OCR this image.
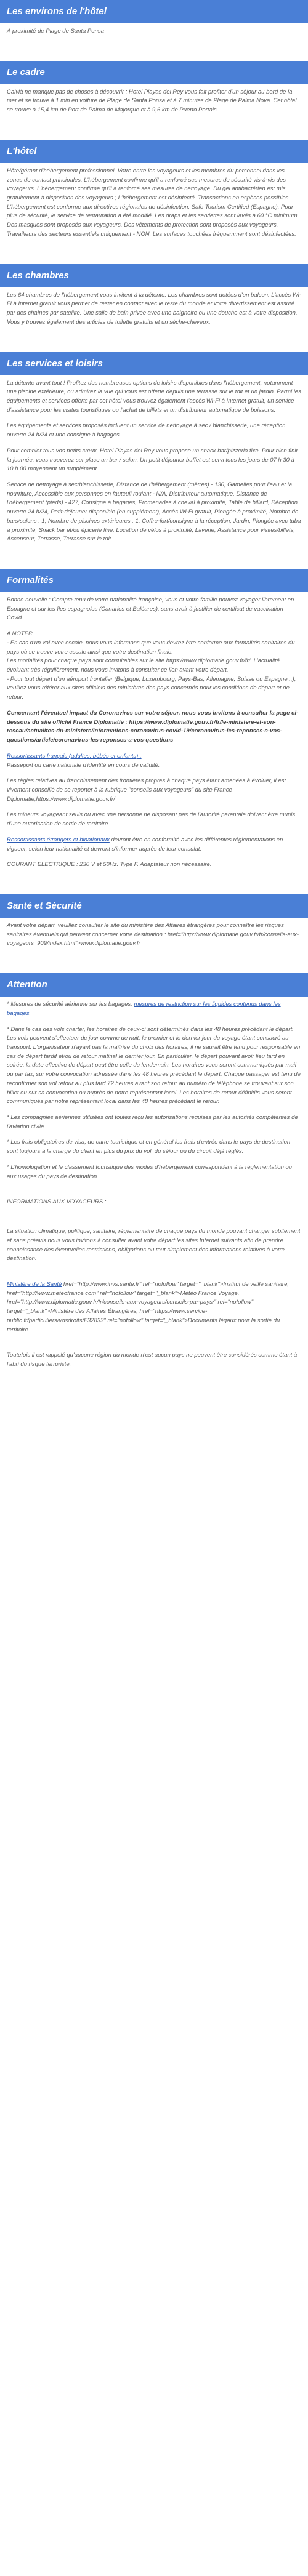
Les environs de l'hôtel

À proximité de Plage de Santa Ponsa

Le cadre

Calvià ne manque pas de choses à découvrir ; Hotel Playas del Rey vous fait profiter d'un séjour au bord de la mer et se trouve à 1 min en voiture de Plage de Santa Ponsa et à 7 minutes de Plage de Palma Nova. Cet hôtel se trouve à 15,4 km de Port de Palma de Majorque et à 9,6 km de Puerto Portals.

L'hôtel

Hôte/gérant d'hébergement professionnel. Votre entre les voyageurs et les membres du personnel dans les zones de contact principales. L'hébergement confirme qu'il a renforcé ses mesures de sécurité vis-à-vis des voyageurs. L'hébergement confirme qu'il a renforcé ses mesures de nettoyage. Du gel antibactérien est mis gratuitement à disposition des voyageurs ; L'hébergement est désinfecté. Transactions en espèces possibles. L'hébergement est conforme aux directives régionales de désinfection. Safe Tourism Certified (Espagne). Pour plus de sécurité, le service de restauration a été modifié. Les draps et les serviettes sont lavés à 60 °C minimum.. Des masques sont proposés aux voyageurs. Des vêtements de protection sont proposés aux voyageurs. Travailleurs des secteurs essentiels uniquement - NON. Les surfaces touchées fréquemment sont désinfectées.

Les chambres

Les 64 chambres de l'hébergement vous invitent à la détente. Les chambres sont dotées d'un balcon. L'accès Wi-Fi à Internet gratuit vous permet de rester en contact avec le reste du monde et votre divertissement est assuré par des chaînes par satellite. Une salle de bain privée avec une baignoire ou une douche est à votre disposition. Vous y trouvez également des articles de toilette gratuits et un sèche-cheveux.

Les services et loisirs

La détente avant tout ! Profitez des nombreuses options de loisirs disponibles dans l'hébergement, notamment une piscine extérieure, ou admirez la vue qui vous est offerte depuis une terrasse sur le toit et un jardin. Parmi les équipements et services offerts par cet hôtel vous trouvez également l'accès Wi-Fi à Internet gratuit, un service d'assistance pour les visites touristiques ou l'achat de billets et un distributeur automatique de boissons.

Les équipements et services proposés incluent un service de nettoyage à sec / blanchisserie, une réception ouverte 24 h/24 et une consigne à bagages.

Pour combler tous vos petits creux, Hotel Playas del Rey vous propose un snack bar/pizzeria fixe. Pour bien finir la journée, vous trouverez sur place un bar / salon. Un petit déjeuner buffet est servi tous les jours de 07 h 30 à 10 h 00 moyennant un supplément.

Service de nettoyage à sec/blanchisserie, Distance de l'hébergement (mètres) - 130, Gamelles pour l'eau et la nourriture, Accessible aux personnes en fauteuil roulant - N/A, Distributeur automatique, Distance de l'hébergement (pieds) - 427, Consigne à bagages, Promenades à cheval à proximité, Table de billard, Réception ouverte 24 h/24, Petit-déjeuner disponible (en supplément), Accès Wi-Fi gratuit, Plongée à proximité, Nombre de bars/salons : 1, Nombre de piscines extérieures : 1, Coffre-fort/consigne à la réception, Jardin, Plongée avec tuba à proximité, Snack bar et/ou épicerie fine, Location de vélos à proximité, Laverie, Assistance pour visites/billets, Ascenseur, Terrasse, Terrasse sur le toit

Formalités

Bonne nouvelle : Compte tenu de votre nationalité française, vous et votre famille pouvez voyager librement en Espagne et sur les îles espagnoles (Canaries et Baléares), sans avoir à justifier de certificat de vaccination Covid.

A NOTER
- En cas d'un vol avec escale, nous vous informons que vous devrez être conforme aux formalités sanitaires du pays où se trouve votre escale ainsi que votre destination finale.
Les modalités pour chaque pays sont consultables sur le site https://www.diplomatie.gouv.fr/fr/. L'actualité évoluant très régulièrement, nous vous invitons à consulter ce lien avant votre départ.

- Pour tout départ d'un aéroport frontalier (Belgique, Luxembourg, Pays-Bas, Allemagne, Suisse ou Espagne...), veuillez vous référer aux sites officiels des ministères des pays concernés pour les conditions de départ et de retour.

Concernant l'éventuel impact du Coronavirus sur votre séjour, nous vous invitons à consulter la page ci-dessous du site officiel France Diplomatie : https://www.diplomatie.gouv.fr/fr/le-ministere-et-son-reseau/actualites-du-ministere/informations-coronavirus-covid-19/coronavirus-les-reponses-a-vos-questions/article/coronavirus-les-reponses-a-vos-questions

Ressortissants français (adultes, bébés et enfants) :

Passeport ou carte nationale d'identité en cours de validité.

Les règles relatives au franchissement des frontières propres à chaque pays étant amenées à évoluer, il est vivement conseillé de se reporter à la rubrique "conseils aux voyageurs" du site France Diplomatie,https://www.diplomatie.gouv.fr/

Les mineurs voyageant seuls ou avec une personne ne disposant pas de l'autorité parentale doivent être munis d'une autorisation de sortie de territoire.

Ressortissants étrangers et binationaux devront être en conformité avec les différentes réglementations en vigueur, selon leur nationalité et devront s'informer auprès de leur consulat.

COURANT ELECTRIQUE : 230 V et 50Hz. Type F. Adaptateur non nécessaire.

Santé et Sécurité

Avant votre départ, veuillez consulter le site du ministère des Affaires étrangères pour connaître les risques sanitaires éventuels qui peuvent concerner votre destination : href="http://www.diplomatie.gouv.fr/fr/conseils-aux-voyageurs_909/index.html">www.diplomatie.gouv.fr

Attention

* Mesures de sécurité aérienne sur les bagages: mesures de restriction sur les liquides contenus dans les bagages.

* Dans le cas des vols charter, les horaires de ceux-ci sont déterminés dans les 48 heures précédant le départ. Les vols peuvent s'effectuer de jour comme de nuit, le premier et le dernier jour du voyage étant consacré au transport. L'organisateur n'ayant pas la maîtrise du choix des horaires, il ne saurait être tenu pour responsable en cas de départ tardif et/ou de retour matinal le dernier jour. En particulier, le départ pouvant avoir lieu tard en soirée, la date effective de départ peut être celle du lendemain. Les horaires vous seront communiqués par mail ou par fax, sur votre convocation adressée dans les 48 heures précédant le départ. Chaque passager est tenu de reconfirmer son vol retour au plus tard 72 heures avant son retour au numéro de téléphone se trouvant sur son billet ou sur sa convocation ou auprès de notre représentant local. Les horaires de retour définitifs vous seront communiqués par notre représentant local dans les 48 heures précédant le retour.

* Les compagnies aériennes utilisées ont toutes reçu les autorisations requises par les autorités compétentes de l'aviation civile.

* Les frais obligatoires de visa, de carte touristique et en général les frais d'entrée dans le pays de destination sont toujours à la charge du client en plus du prix du vol, du séjour ou du circuit déjà réglés.

* L'homologation et le classement touristique des modes d'hébergement correspondent à la réglementation ou aux usages du pays de destination.

INFORMATIONS AUX VOYAGEURS :

La situation climatique, politique, sanitaire, réglementaire de chaque pays du monde pouvant changer subitement et sans préavis nous vous invitons à consulter avant votre départ les sites Internet suivants afin de prendre connaissance des éventuelles restrictions, obligations ou tout simplement des informations relatives à votre destination.

Ministère de la Santé href="http://www.invs.sante.fr" rel="nofollow" target="_blank">Institut de veille sanitaire, href="http://www.meteofrance.com" rel="nofollow" target="_blank">Météo France Voyage, href="http://www.diplomatie.gouv.fr/fr/conseils-aux-voyageurs/conseils-par-pays/" rel="nofollow" target="_blank">Ministère des Affaires Étrangères, href="https://www.service-public.fr/particuliers/vosdroits/F32833" rel="nofollow" target="_blank">Documents légaux pour la sortie du territoire.

Toutefois il est rappelé qu'aucune région du monde n'est aucun pays ne peuvent être considérés comme étant à l'abri du risque terroriste.
